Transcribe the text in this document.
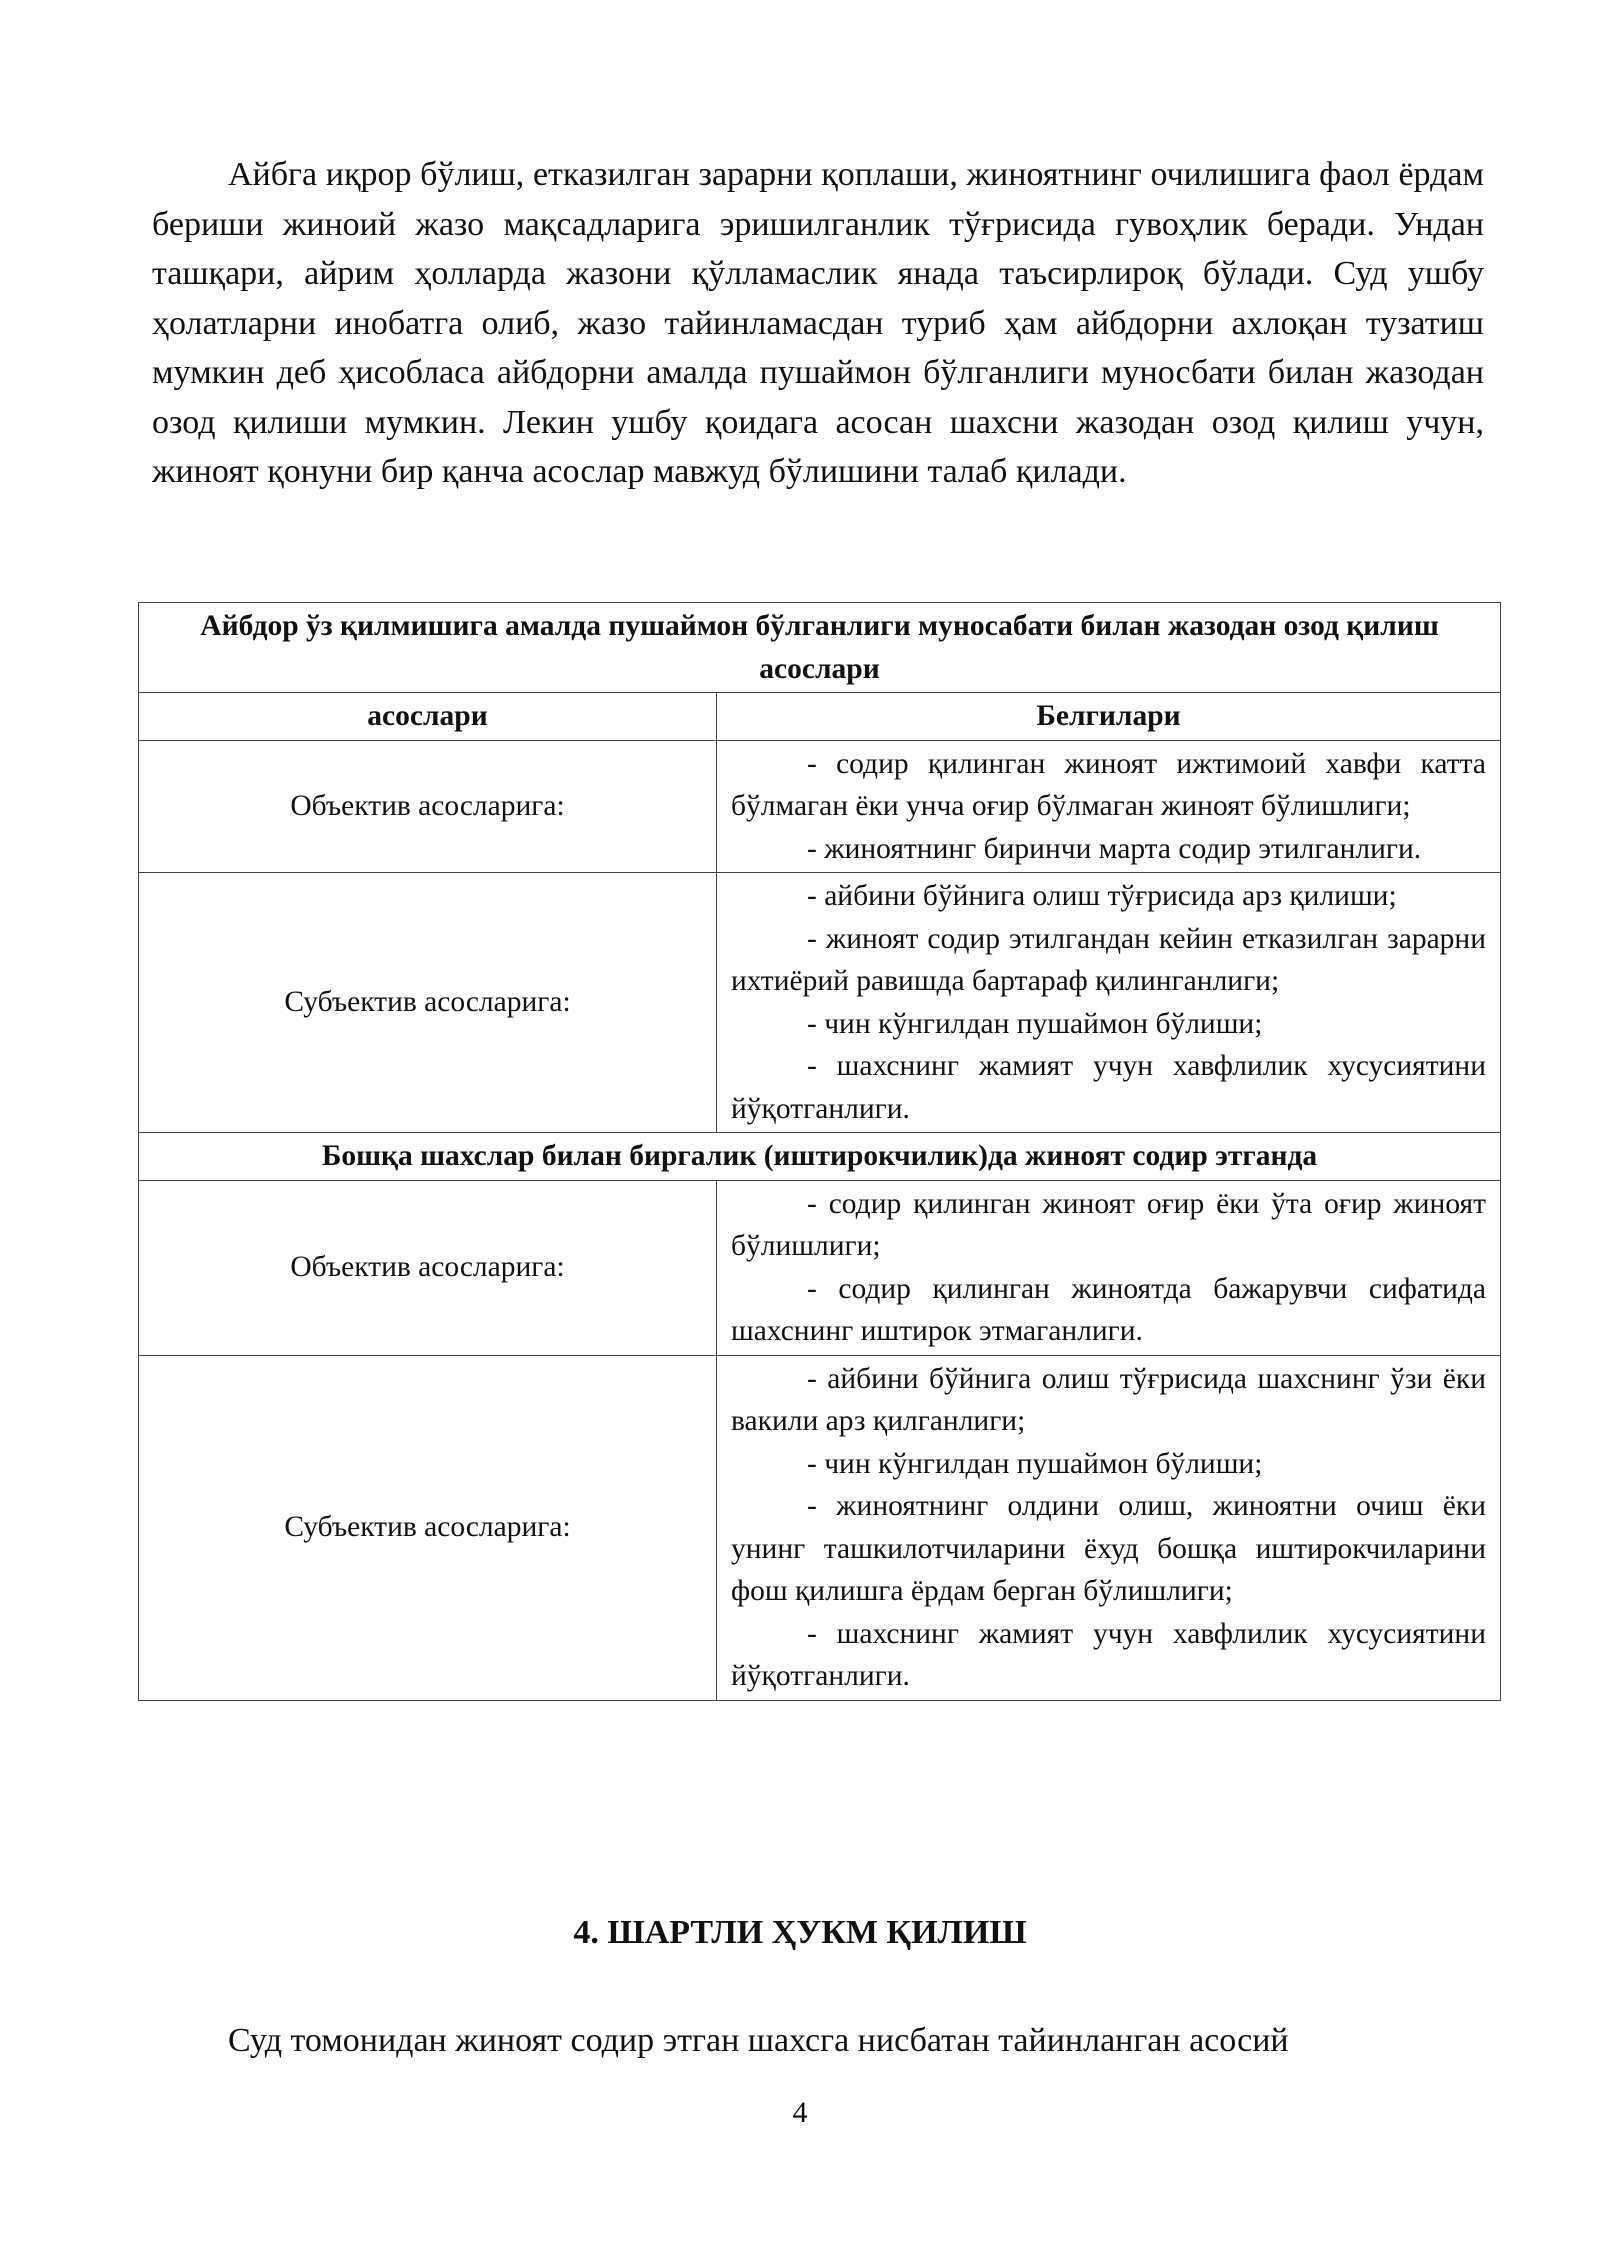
Айбга иқрор бўлиш, етказилган зарарни қоплаши, жиноятнинг очилишига фаол ёрдам бериши жиноий жазо мақсадларига эришилганлик тўғрисида гувоҳлик беради. Ундан ташқари, айрим ҳолларда жазони қўлламаслик янада таъсирлироқ бўлади. Суд ушбу ҳолатларни инобатга олиб, жазо тайинламасдан туриб ҳам айбдорни ахлоқан тузатиш мумкин деб ҳисобласа айбдорни амалда пушаймон бўлганлиги муносбати билан жазодан озод қилиши мумкин. Лекин ушбу қоидага асосан шахсни жазодан озод қилиш учун, жиноят қонуни бир қанча асослар мавжуд бўлишини талаб қилади.

Айбдор ўз қилмишига амалда пушаймон бўлганлиги муносабати билан жазодан озод қилиш асослари	
асослари	Белгилари
Объектив асосларига:	- содир қилинган жиноят ижтимоий хавфи катта бўлмаган ёки унча оғир бўлмаган жиноят бўлишлиги;
- жиноятнинг биринчи марта содир этилганлиги.

Субъектив асосларига:	- айбини бўйнига олиш тўғрисида арз қилиши;
- жиноят содир этилгандан кейин етказилган зарарни ихтиёрий равишда бартараф қилинганлиги;
- чин кўнгилдан пушаймон бўлиши;
- шахснинг жамият учун хавфлилик хусусиятини йўқотганлиги.

Бошқа шахслар билан биргалик (иштирокчилик)да жиноят содир этганда	
Объектив асосларига:	- содир қилинган жиноят оғир ёки ўта оғир жиноят бўлишлиги;
- содир қилинган жиноятда бажарувчи сифатида шахснинг иштирок этмаганлиги.

Субъектив асосларига:	- айбини бўйнига олиш тўғрисида шахснинг ўзи ёки вакили арз қилганлиги;
- чин кўнгилдан пушаймон бўлиши;
- жиноятнинг олдини олиш, жиноятни очиш ёки унинг ташкилотчиларини ёхуд бошқа иштирокчиларини фош қилишга ёрдам берган бўлишлиги;
- шахснинг жамият учун хавфлилик хусусиятини йўқотганлиги.
4. ШАРТЛИ ҲУКМ ҚИЛИШ

Суд томонидан жиноят содир этган шахсга нисбатан тайинланган асосий

4
